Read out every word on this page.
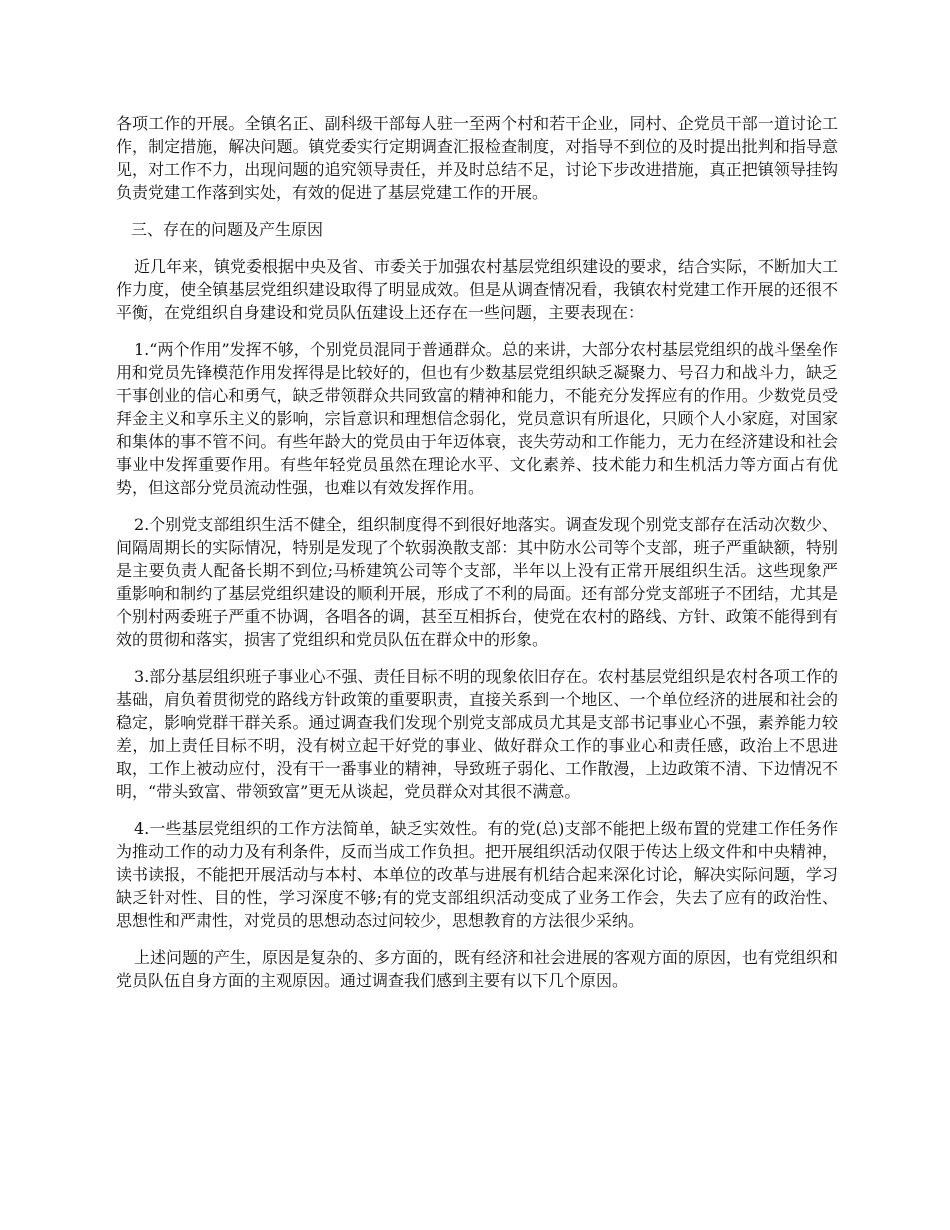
各项工作的开展。全镇名正、副科级干部每人驻一至两个村和若干企业，同村、企党员干部一道讨论工作，制定措施，解决问题。镇党委实行定期调查汇报检查制度，对指导不到位的及时提出批判和指导意见，对工作不力，出现问题的追究领导责任，并及时总结不足，讨论下步改进措施，真正把镇领导挂钩负责党建工作落到实处，有效的促进了基层党建工作的开展。

三、存在的问题及产生原因

近几年来，镇党委根据中央及省、市委关于加强农村基层党组织建设的要求，结合实际，不断加大工作力度，使全镇基层党组织建设取得了明显成效。但是从调查情况看，我镇农村党建工作开展的还很不平衡，在党组织自身建设和党员队伍建设上还存在一些问题，主要表现在：

1.“两个作用”发挥不够，个别党员混同于普通群众。总的来讲，大部分农村基层党组织的战斗堡垒作用和党员先锋模范作用发挥得是比较好的，但也有少数基层党组织缺乏凝聚力、号召力和战斗力，缺乏干事创业的信心和勇气，缺乏带领群众共同致富的精神和能力，不能充分发挥应有的作用。少数党员受拜金主义和享乐主义的影响，宗旨意识和理想信念弱化，党员意识有所退化，只顾个人小家庭，对国家和集体的事不管不问。有些年龄大的党员由于年迈体衰，丧失劳动和工作能力，无力在经济建设和社会事业中发挥重要作用。有些年轻党员虽然在理论水平、文化素养、技术能力和生机活力等方面占有优势，但这部分党员流动性强，也难以有效发挥作用。

2.个别党支部组织生活不健全，组织制度得不到很好地落实。调查发现个别党支部存在活动次数少、间隔周期长的实际情况，特别是发现了个软弱涣散支部：其中防水公司等个支部，班子严重缺额，特别是主要负责人配备长期不到位;马桥建筑公司等个支部，半年以上没有正常开展组织生活。这些现象严重影响和制约了基层党组织建设的顺利开展，形成了不利的局面。还有部分党支部班子不团结，尤其是个别村两委班子严重不协调，各唱各的调，甚至互相拆台，使党在农村的路线、方针、政策不能得到有效的贯彻和落实，损害了党组织和党员队伍在群众中的形象。

3.部分基层组织班子事业心不强、责任目标不明的现象依旧存在。农村基层党组织是农村各项工作的基础，肩负着贯彻党的路线方针政策的重要职责，直接关系到一个地区、一个单位经济的进展和社会的稳定，影响党群干群关系。通过调查我们发现个别党支部成员尤其是支部书记事业心不强，素养能力较差，加上责任目标不明，没有树立起干好党的事业、做好群众工作的事业心和责任感，政治上不思进取，工作上被动应付，没有干一番事业的精神，导致班子弱化、工作散漫，上边政策不清、下边情况不明，“带头致富、带领致富”更无从谈起，党员群众对其很不满意。

4.一些基层党组织的工作方法简单，缺乏实效性。有的党(总)支部不能把上级布置的党建工作任务作为推动工作的动力及有利条件，反而当成工作负担。把开展组织活动仅限于传达上级文件和中央精神，读书读报，不能把开展活动与本村、本单位的改革与进展有机结合起来深化讨论，解决实际问题，学习缺乏针对性、目的性，学习深度不够;有的党支部组织活动变成了业务工作会，失去了应有的政治性、思想性和严肃性，对党员的思想动态过问较少，思想教育的方法很少采纳。

上述问题的产生，原因是复杂的、多方面的，既有经济和社会进展的客观方面的原因，也有党组织和党员队伍自身方面的主观原因。通过调查我们感到主要有以下几个原因。
